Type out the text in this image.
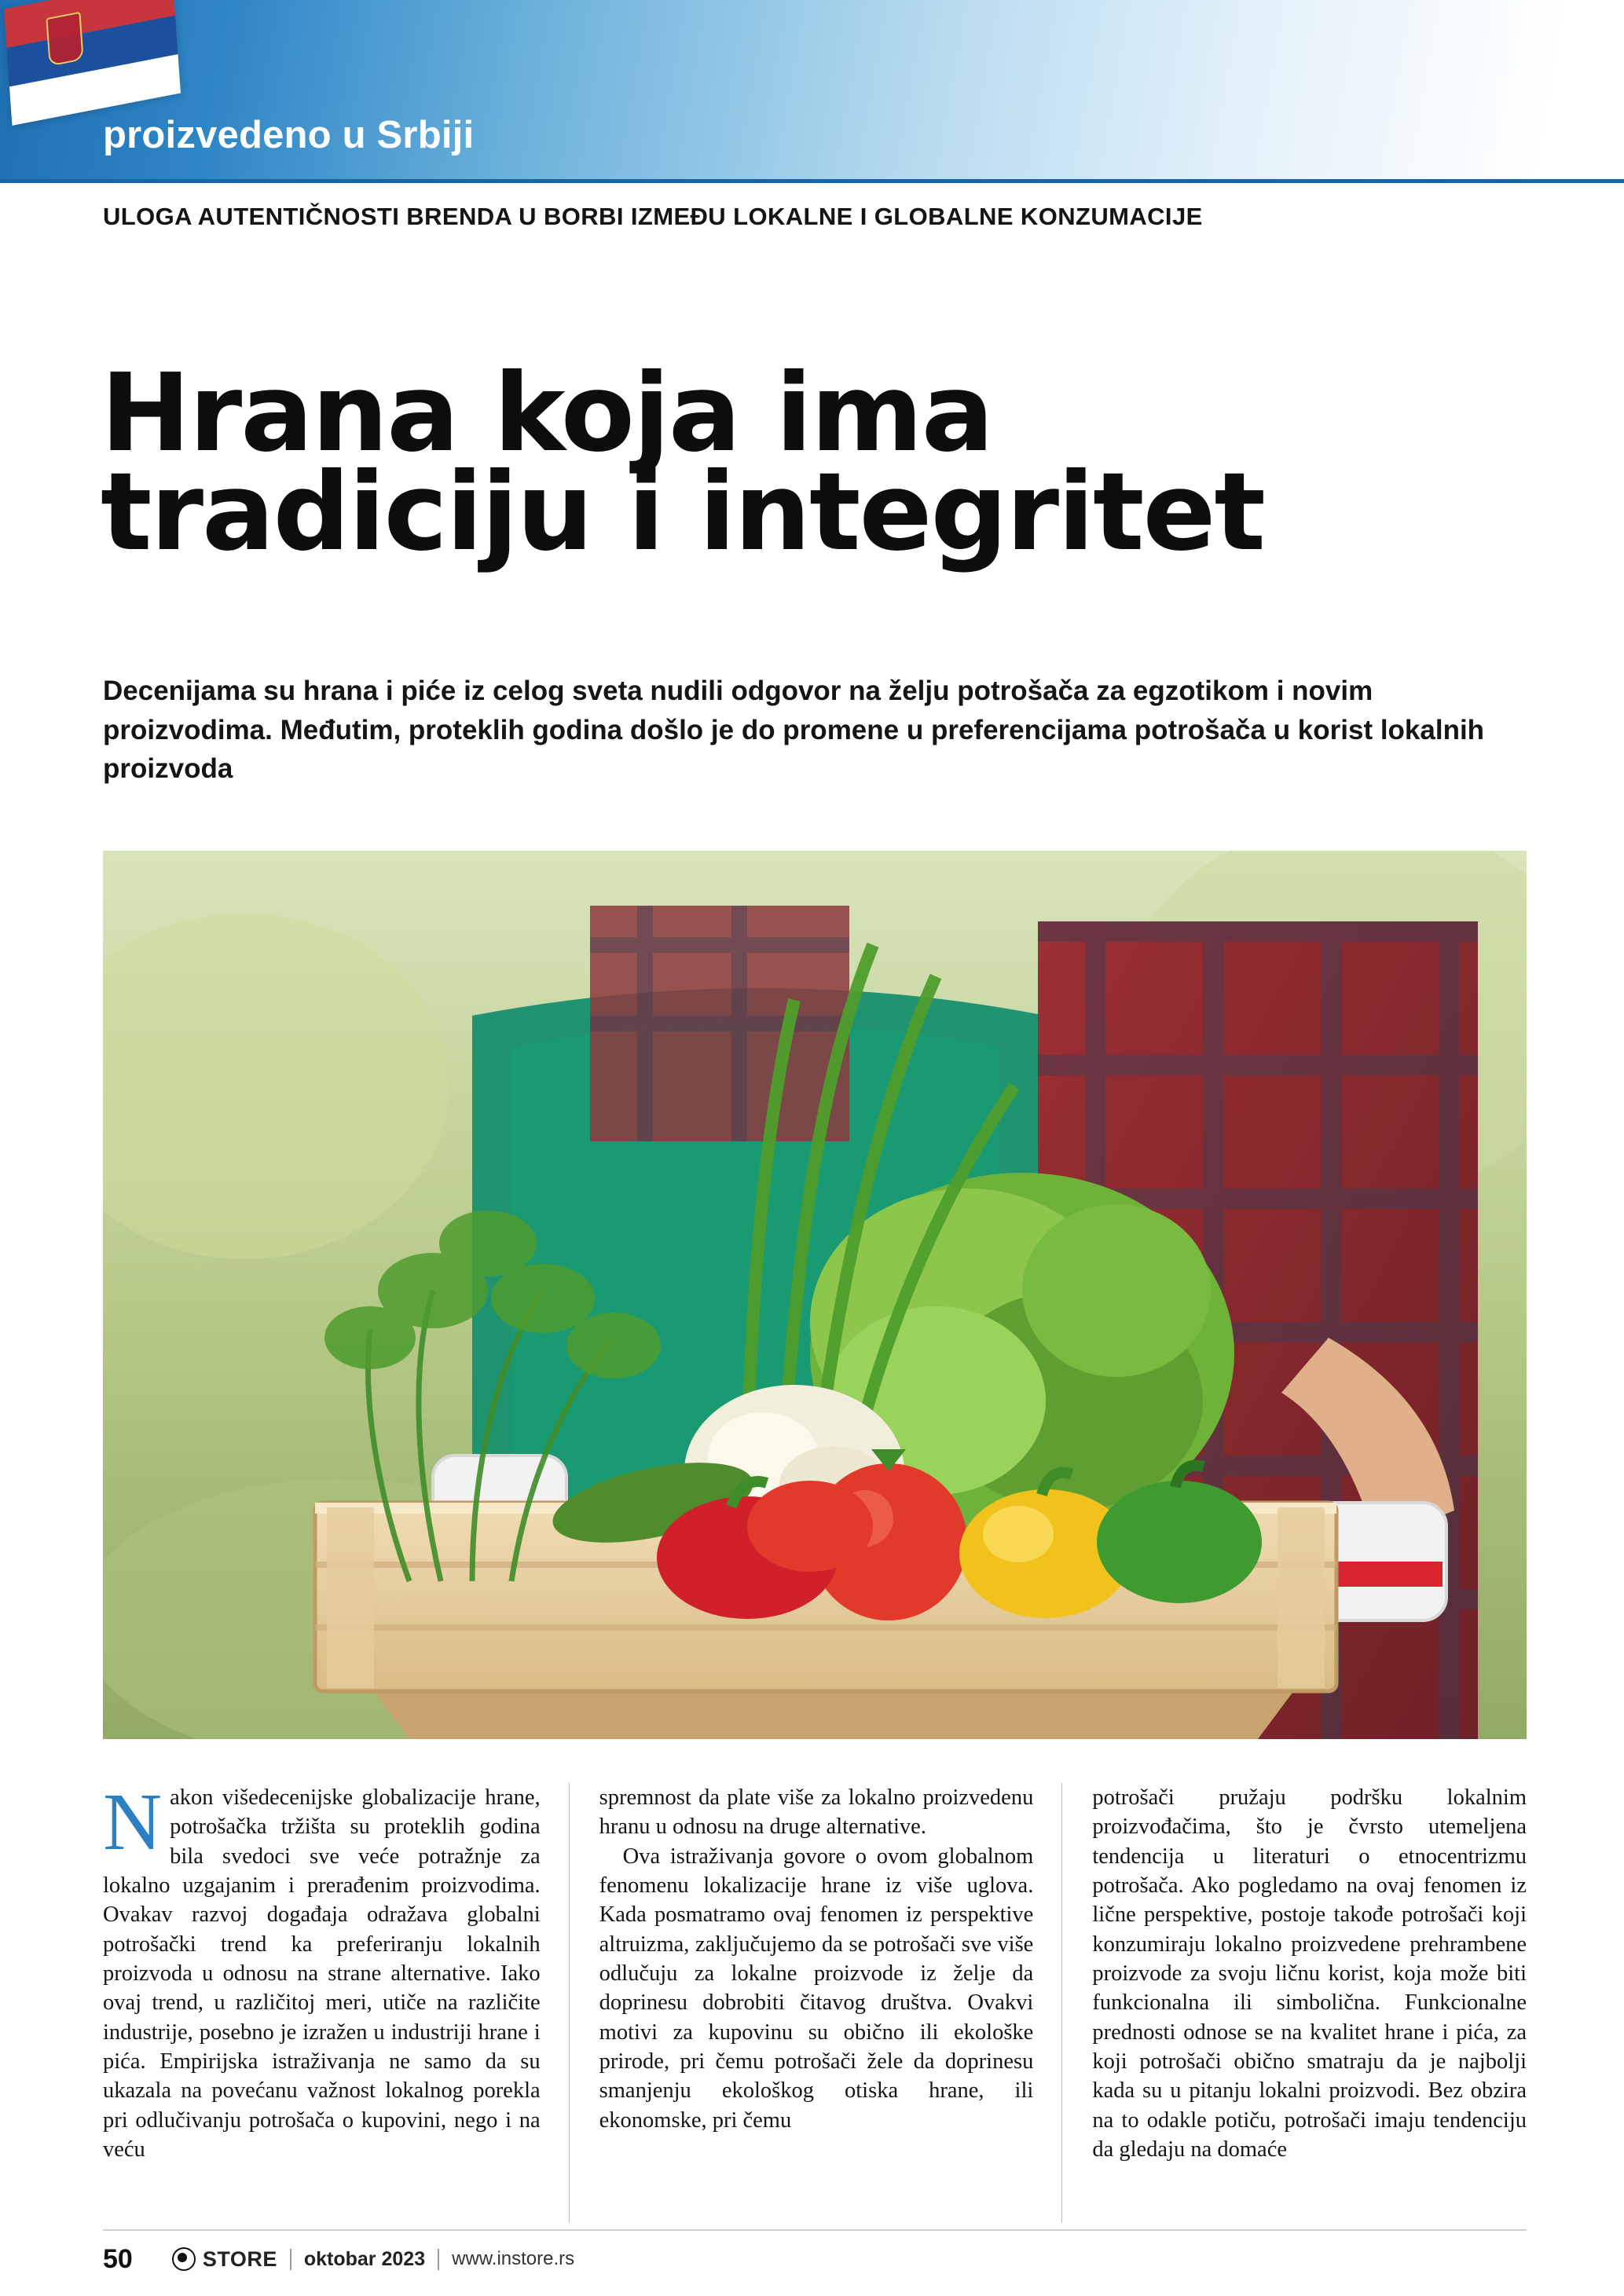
proizvedeno u Srbiji
ULOGA AUTENTIČNOSTI BRENDA U BORBI IZMEĐU LOKALNE I GLOBALNE KONZUMACIJE
Hrana koja ima
tradiciju i integritet
Decenijama su hrana i piće iz celog sveta nudili odgovor na želju potrošača za egzotikom i novim proizvodima. Međutim, proteklih godina došlo je do promene u preferencijama potrošača u korist lokalnih proizvoda

Nakon višedecenijske globalizacije hrane, potrošačka tržišta su proteklih godina bila svedoci sve veće potražnje za lokalno uzgajanim i prerađenim proizvodima. Ovakav razvoj događaja odražava globalni potrošački trend ka preferiranju lokalnih proizvoda u odnosu na strane alternative. Iako ovaj trend, u različitoj meri, utiče na različite industrije, posebno je izražen u industriji hrane i pića. Empirijska istraživanja ne samo da su ukazala na povećanu važnost lokalnog porekla pri odlučivanju potrošača o kupovini, nego i na veću

spremnost da plate više za lokalno proizvedenu hranu u odnosu na druge alternative.

Ova istraživanja govore o ovom globalnom fenomenu lokalizacije hrane iz više uglova. Kada posmatramo ovaj fenomen iz perspektive altruizma, zaključujemo da se potrošači sve više odlučuju za lokalne proizvode iz želje da doprinesu dobrobiti čitavog društva. Ovakvi motivi za kupovinu su obično ili ekološke prirode, pri čemu potrošači žele da doprinesu smanjenju ekološkog otiska hrane, ili ekonomske, pri čemu

potrošači pružaju podršku lokalnim proizvođačima, što je čvrsto utemeljena tendencija u literaturi o etnocentrizmu potrošača. Ako pogledamo na ovaj fenomen iz lične perspektive, postoje takođe potrošači koji konzumiraju lokalno proizvedene prehrambene proizvode za svoju ličnu korist, koja može biti funkcionalna ili simbolična. Funkcionalne prednosti odnose se na kvalitet hrane i pića, za koji potrošači obično smatraju da je najbolji kada su u pitanju lokalni proizvodi. Bez obzira na to odakle potiču, potrošači imaju tendenciju da gledaju na domaće

50	STORE oktobar 2023 www.instore.rs
